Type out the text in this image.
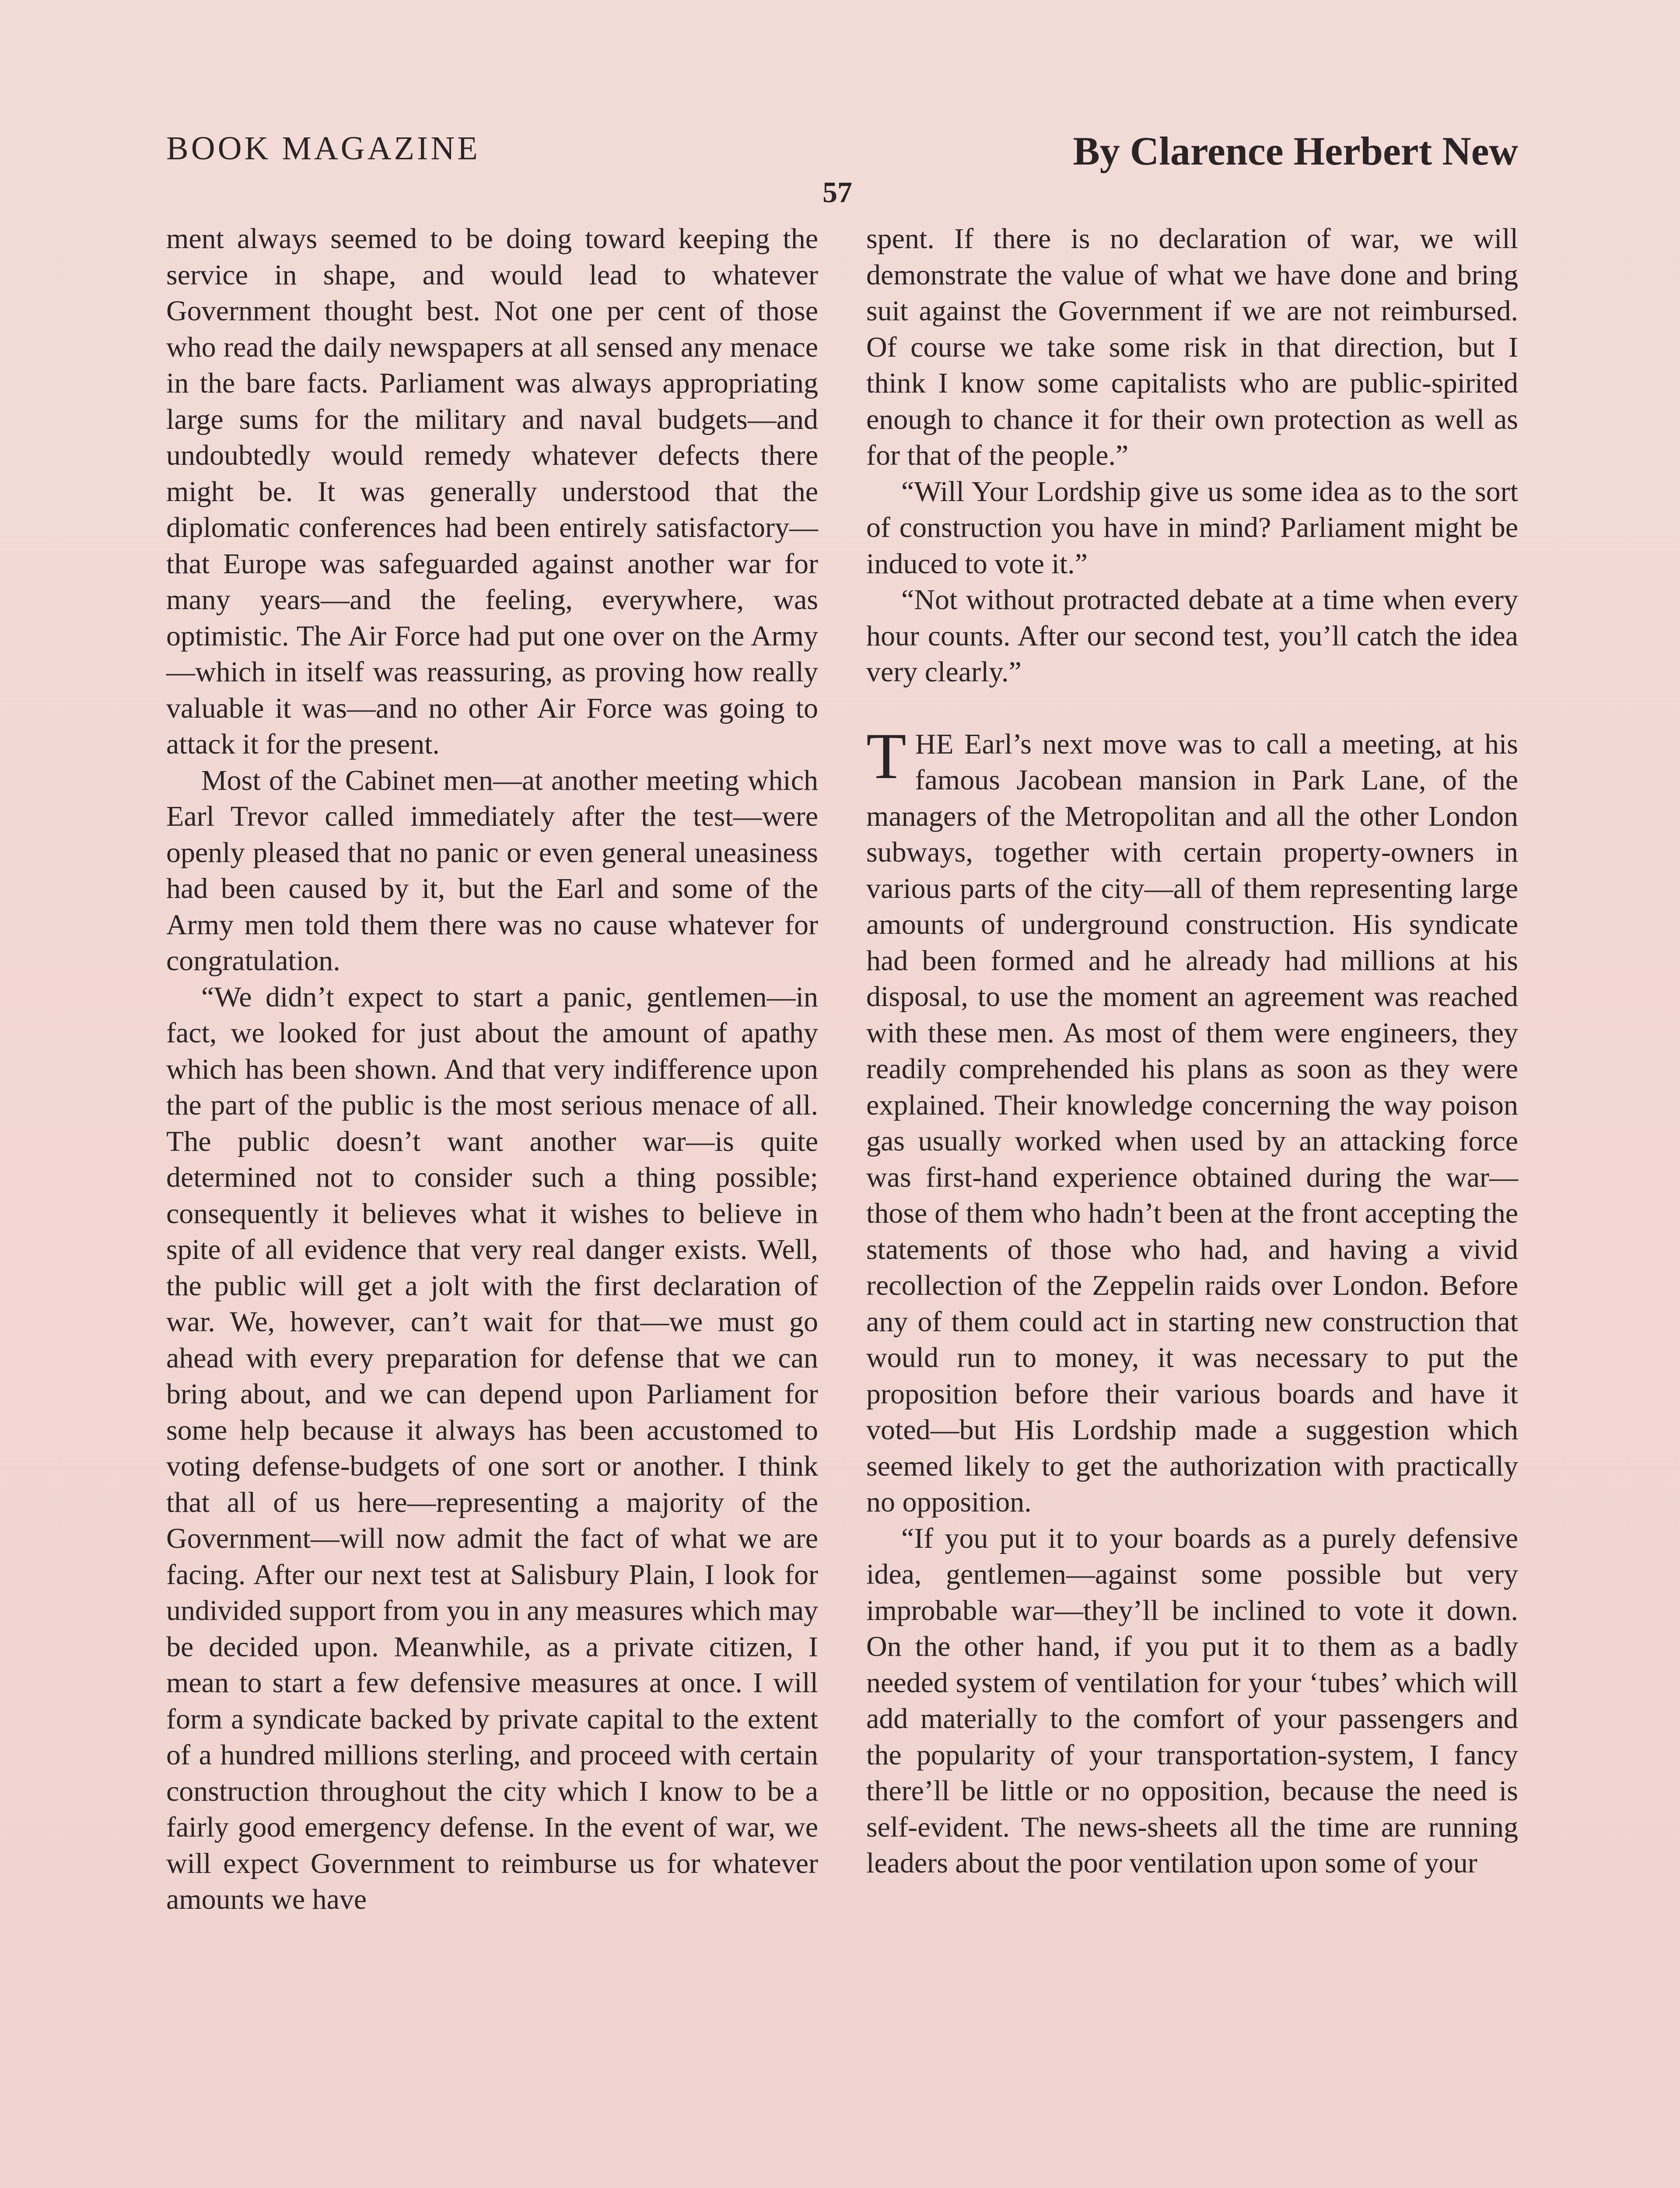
BOOK MAGAZINE	By Clarence Herbert New
57

ment always seemed to be doing toward keeping the service in shape, and would lead to whatever Government thought best. Not one per cent of those who read the daily newspapers at all sensed any menace in the bare facts. Parliament was always appropriating large sums for the military and naval budgets—and undoubtedly would remedy whatever defects there might be. It was generally understood that the diplomatic conferences had been entirely satisfactory—that Europe was safeguarded against another war for many years—and the feeling, everywhere, was optimistic. The Air Force had put one over on the Army—which in itself was reassuring, as proving how really valuable it was—and no other Air Force was going to attack it for the present.

Most of the Cabinet men—at another meeting which Earl Trevor called immediately after the test—were openly pleased that no panic or even general uneasiness had been caused by it, but the Earl and some of the Army men told them there was no cause whatever for congratulation.

“We didn’t expect to start a panic, gentlemen—in fact, we looked for just about the amount of apathy which has been shown. And that very indifference upon the part of the public is the most serious menace of all. The public doesn’t want another war—is quite determined not to consider such a thing possible; consequently it believes what it wishes to believe in spite of all evidence that very real danger exists. Well, the public will get a jolt with the first declaration of war. We, however, can’t wait for that—we must go ahead with every preparation for defense that we can bring about, and we can depend upon Parliament for some help because it always has been accustomed to voting defense-budgets of one sort or another. I think that all of us here—representing a majority of the Government—will now admit the fact of what we are facing. After our next test at Salisbury Plain, I look for undivided support from you in any measures which may be decided upon. Meanwhile, as a private citizen, I mean to start a few defensive measures at once. I will form a syndicate backed by private capital to the extent of a hundred millions sterling, and proceed with certain construction throughout the city which I know to be a fairly good emergency defense. In the event of war, we will expect Government to reimburse us for whatever amounts we have

spent. If there is no declaration of war, we will demonstrate the value of what we have done and bring suit against the Government if we are not reimbursed. Of course we take some risk in that direction, but I think I know some capitalists who are public-spirited enough to chance it for their own protection as well as for that of the people.”

“Will Your Lordship give us some idea as to the sort of construction you have in mind? Parliament might be induced to vote it.”

“Not without protracted debate at a time when every hour counts. After our second test, you’ll catch the idea very clearly.”

THE Earl’s next move was to call a meeting, at his famous Jacobean mansion in Park Lane, of the managers of the Metropolitan and all the other London subways, together with certain property-owners in various parts of the city—all of them representing large amounts of underground construction. His syndicate had been formed and he already had millions at his disposal, to use the moment an agreement was reached with these men. As most of them were engineers, they readily comprehended his plans as soon as they were explained. Their knowledge concerning the way poison gas usually worked when used by an attacking force was first-hand experience obtained during the war—those of them who hadn’t been at the front accepting the statements of those who had, and having a vivid recollection of the Zeppelin raids over London. Before any of them could act in starting new construction that would run to money, it was necessary to put the proposition before their various boards and have it voted—but His Lordship made a suggestion which seemed likely to get the authorization with practically no opposition.

“If you put it to your boards as a purely defensive idea, gentlemen—against some possible but very improbable war—they’ll be inclined to vote it down. On the other hand, if you put it to them as a badly needed system of ventilation for your ‘tubes’ which will add materially to the comfort of your passengers and the popularity of your transportation-system, I fancy there’ll be little or no opposition, because the need is self-evident. The news-sheets all the time are running leaders about the poor ventilation upon some of your
